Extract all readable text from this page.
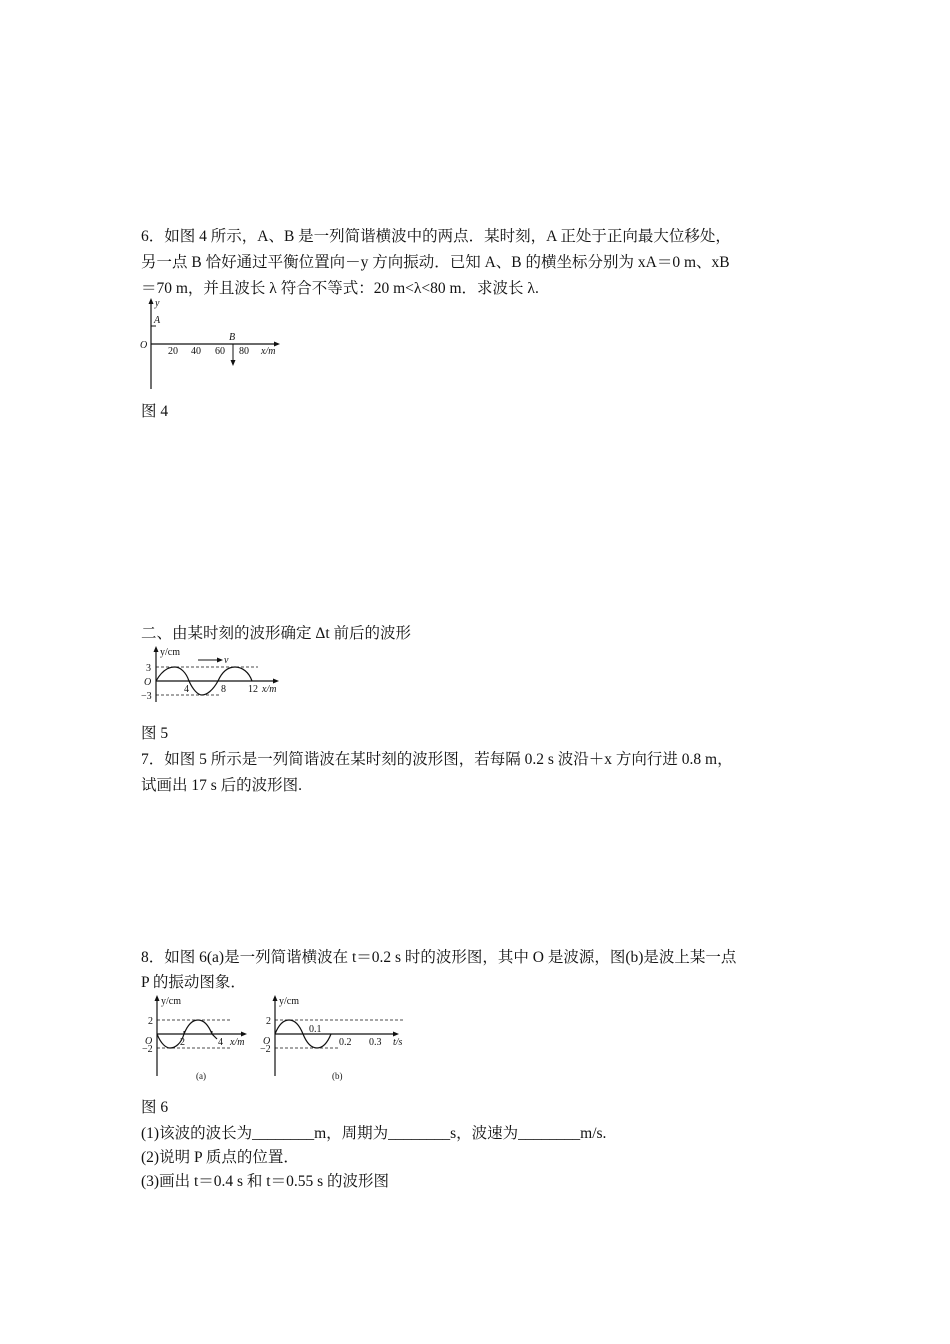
6．如图 4 所示，A、B 是一列简谐横波中的两点．某时刻，A 正处于正向最大位移处，
另一点 B 恰好通过平衡位置向－y 方向振动．已知 A、B 的横坐标分别为 xA＝0 m、xB
＝70 m，并且波长 λ 符合不等式：20 m<λ<80 m．求波长 λ.
y
A
O
20 40 60 80 x/m
B
图 4
二、由某时刻的波形确定 Δt 前后的波形
y/cm
3
−3
O
4	8 12 x/m
v
图 5
7．如图 5 所示是一列简谐波在某时刻的波形图，若每隔 0.2 s 波沿＋x 方向行进 0.8 m，
试画出 17 s 后的波形图.
8．如图 6(a)是一列简谐横波在 t＝0.2 s 时的波形图，其中 O 是波源，图(b)是波上某一点
P 的振动图象．
y/cm
2
−2
O	2	4 x/m
(a)
y/cm
2
−2
O
0.1
0.2 0.3 t/s
(b)
图 6
(1)该波的波长为________m，周期为________s，波速为________m/s.
(2)说明 P 质点的位置．
(3)画出 t＝0.4 s 和 t＝0.55 s 的波形图
